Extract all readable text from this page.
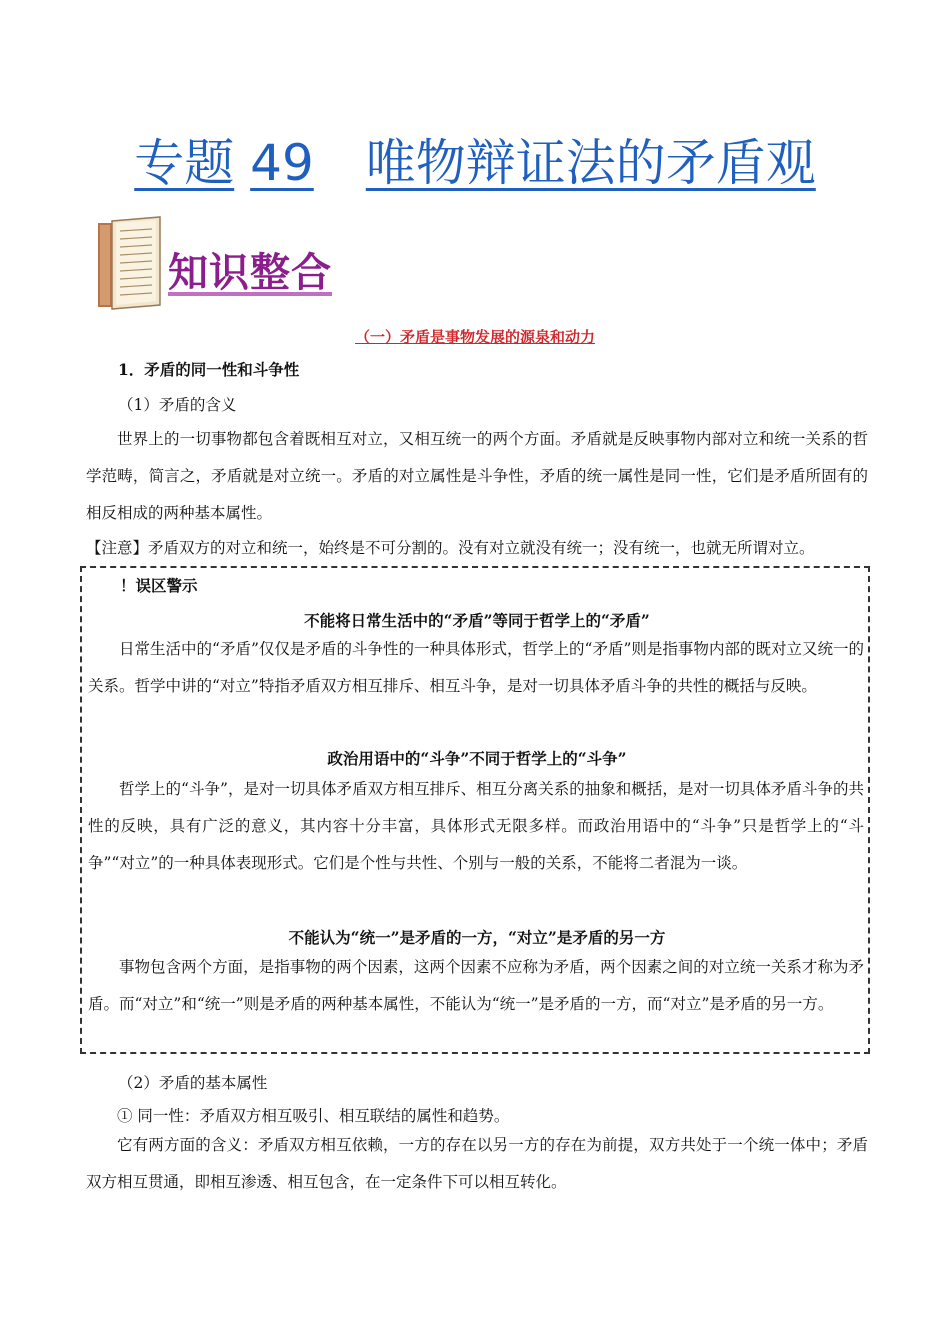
专题 49 唯物辩证法的矛盾观
知识整合
（一）矛盾是事物发展的源泉和动力
1．矛盾的同一性和斗争性
（1）矛盾的含义
世界上的一切事物都包含着既相互对立，又相互统一的两个方面。矛盾就是反映事物内部对立和统一关系的哲学范畴，简言之，矛盾就是对立统一。矛盾的对立属性是斗争性，矛盾的统一属性是同一性，它们是矛盾所固有的相反相成的两种基本属性。
【注意】矛盾双方的对立和统一，始终是不可分割的。没有对立就没有统一；没有统一，也就无所谓对立。
！误区警示
不能将日常生活中的“矛盾”等同于哲学上的“矛盾”
日常生活中的“矛盾”仅仅是矛盾的斗争性的一种具体形式，哲学上的“矛盾”则是指事物内部的既对立又统一的关系。哲学中讲的“对立”特指矛盾双方相互排斥、相互斗争，是对一切具体矛盾斗争的共性的概括与反映。
政治用语中的“斗争”不同于哲学上的“斗争”
哲学上的“斗争”，是对一切具体矛盾双方相互排斥、相互分离关系的抽象和概括，是对一切具体矛盾斗争的共性的反映，具有广泛的意义，其内容十分丰富，具体形式无限多样。而政治用语中的“斗争”只是哲学上的“斗争”“对立”的一种具体表现形式。它们是个性与共性、个别与一般的关系，不能将二者混为一谈。
不能认为“统一”是矛盾的一方，“对立”是矛盾的另一方
事物包含两个方面，是指事物的两个因素，这两个因素不应称为矛盾，两个因素之间的对立统一关系才称为矛盾。而“对立”和“统一”则是矛盾的两种基本属性，不能认为“统一”是矛盾的一方，而“对立”是矛盾的另一方。
（2）矛盾的基本属性
① 同一性：矛盾双方相互吸引、相互联结的属性和趋势。
它有两方面的含义：矛盾双方相互依赖，一方的存在以另一方的存在为前提，双方共处于一个统一体中；矛盾双方相互贯通，即相互渗透、相互包含，在一定条件下可以相互转化。
